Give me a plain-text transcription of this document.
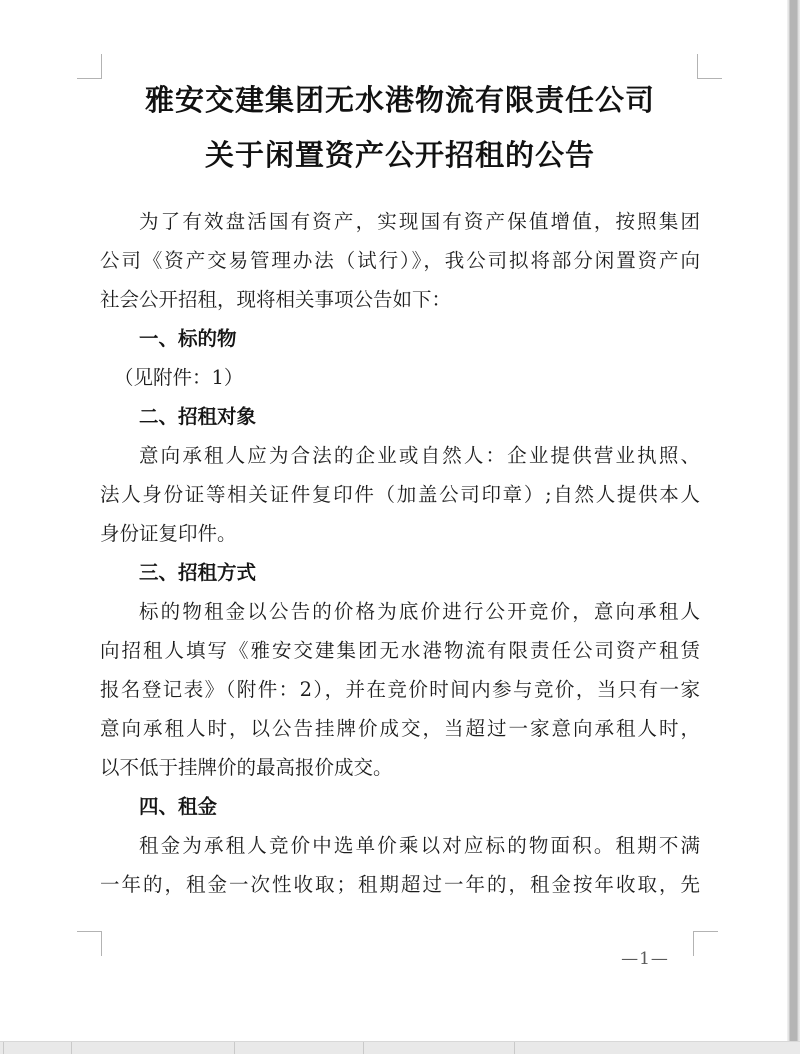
雅安交建集团无水港物流有限责任公司
关于闲置资产公开招租的公告
为了有效盘活国有资产，实现国有资产保值增值，按照集团
公司《资产交易管理办法（试行）》，我公司拟将部分闲置资产向
社会公开招租，现将相关事项公告如下：
一、标的物
（见附件：1）
二、招租对象
意向承租人应为合法的企业或自然人：企业提供营业执照、
法人身份证等相关证件复印件（加盖公司印章）;自然人提供本人
身份证复印件。
三、招租方式
标的物租金以公告的价格为底价进行公开竞价，意向承租人
向招租人填写《雅安交建集团无水港物流有限责任公司资产租赁
报名登记表》（附件：2），并在竞价时间内参与竞价，当只有一家
意向承租人时，以公告挂牌价成交，当超过一家意向承租人时，
以不低于挂牌价的最高报价成交。
四、租金
租金为承租人竞价中选单价乘以对应标的物面积。租期不满
一年的，租金一次性收取；租期超过一年的，租金按年收取，先
—1—
